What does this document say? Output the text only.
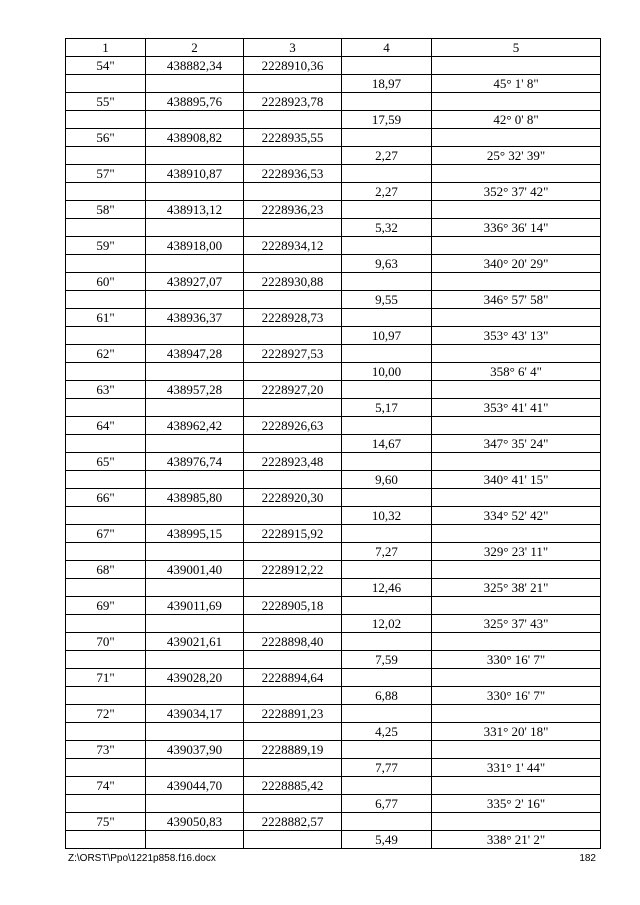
1	2	3	4	5
54"	438882,34	2228910,36		
			18,97	45° 1' 8"
55"	438895,76	2228923,78		
			17,59	42° 0' 8"
56"	438908,82	2228935,55		
			2,27	25° 32' 39"
57"	438910,87	2228936,53		
			2,27	352° 37' 42"
58"	438913,12	2228936,23		
			5,32	336° 36' 14"
59"	438918,00	2228934,12		
			9,63	340° 20' 29"
60"	438927,07	2228930,88		
			9,55	346° 57' 58"
61"	438936,37	2228928,73		
			10,97	353° 43' 13"
62"	438947,28	2228927,53		
			10,00	358° 6' 4"
63"	438957,28	2228927,20		
			5,17	353° 41' 41"
64"	438962,42	2228926,63		
			14,67	347° 35' 24"
65"	438976,74	2228923,48		
			9,60	340° 41' 15"
66"	438985,80	2228920,30		
			10,32	334° 52' 42"
67"	438995,15	2228915,92		
			7,27	329° 23' 11"
68"	439001,40	2228912,22		
			12,46	325° 38' 21"
69"	439011,69	2228905,18		
			12,02	325° 37' 43"
70"	439021,61	2228898,40		
			7,59	330° 16' 7"
71"	439028,20	2228894,64		
			6,88	330° 16' 7"
72"	439034,17	2228891,23		
			4,25	331° 20' 18"
73"	439037,90	2228889,19		
			7,77	331° 1' 44"
74"	439044,70	2228885,42		
			6,77	335° 2' 16"
75"	439050,83	2228882,57		
			5,49	338° 21' 2"
Z:\ORST\Ppo\1221p858.f16.docx	182
